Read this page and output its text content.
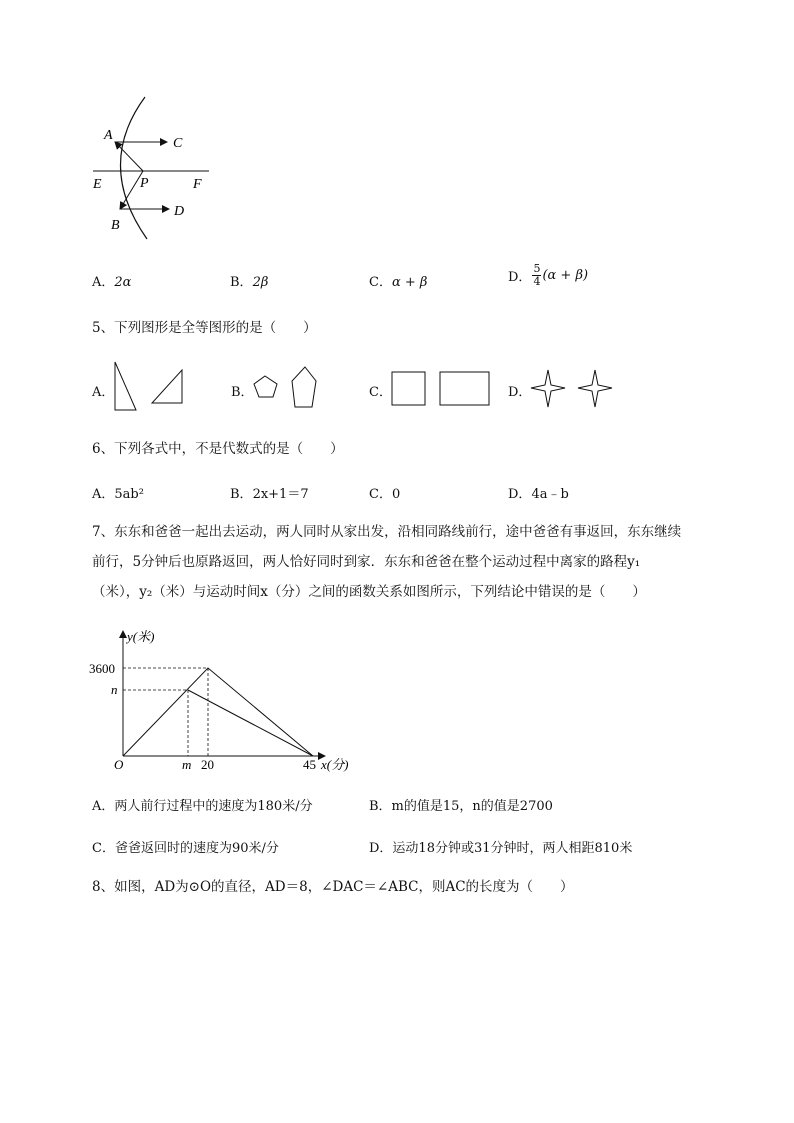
A
C
E	P	F
D
B
A．2α	B．2β	C．α + β	D． $\frac{5}{4} (\alpha + \beta)$
5、下列图形是全等图形的是（　　）
A．	B．	C．	D．
6、下列各式中，不是代数式的是（　　）
A．5ab²	B．2x+1＝7	C．0	D．4a﹣b
7、东东和爸爸一起出去运动，两人同时从家出发，沿相同路线前行，途中爸爸有事返回，东东继续
前行，5分钟后也原路返回，两人恰好同时到家．东东和爸爸在整个运动过程中离家的路程y₁
（米），y₂（米）与运动时间x（分）之间的函数关系如图所示，下列结论中错误的是（　　）
y(米)
3600
n
O	m 20	45 x(分)
A．两人前行过程中的速度为180米/分	B．m的值是15，n的值是2700
C．爸爸返回时的速度为90米/分	D．运动18分钟或31分钟时，两人相距810米
8、如图，AD为⊙O的直径，AD＝8，∠DAC＝∠ABC，则AC的长度为（　　）
